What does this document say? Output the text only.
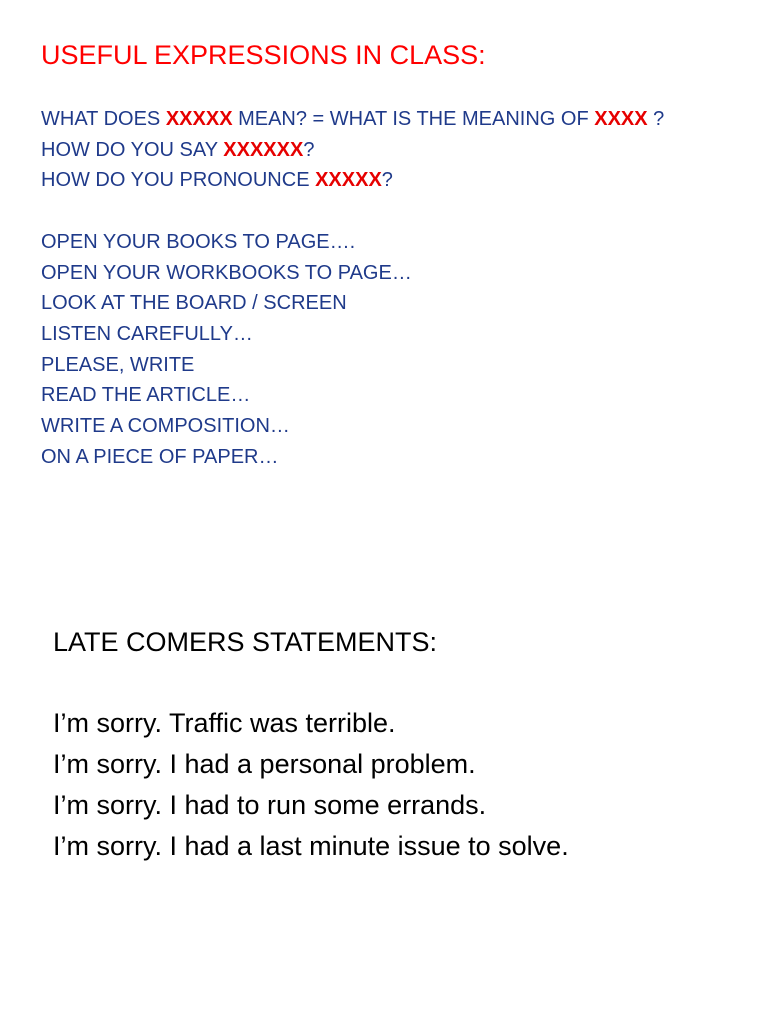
USEFUL EXPRESSIONS IN CLASS:
WHAT DOES XXXXX MEAN? = WHAT IS THE MEANING OF XXXX ?
HOW DO YOU SAY XXXXXX?
HOW DO YOU PRONOUNCE XXXXX?
OPEN YOUR BOOKS TO PAGE….
OPEN YOUR WORKBOOKS TO PAGE…
LOOK AT THE BOARD / SCREEN
LISTEN CAREFULLY…
PLEASE, WRITE
READ THE ARTICLE…
WRITE A COMPOSITION…
ON A PIECE OF PAPER…
LATE COMERS STATEMENTS:
I’m sorry. Traffic was terrible.
I’m sorry. I had a personal problem.
I’m sorry. I had to run some errands.
I’m sorry. I had a last minute issue to solve.
